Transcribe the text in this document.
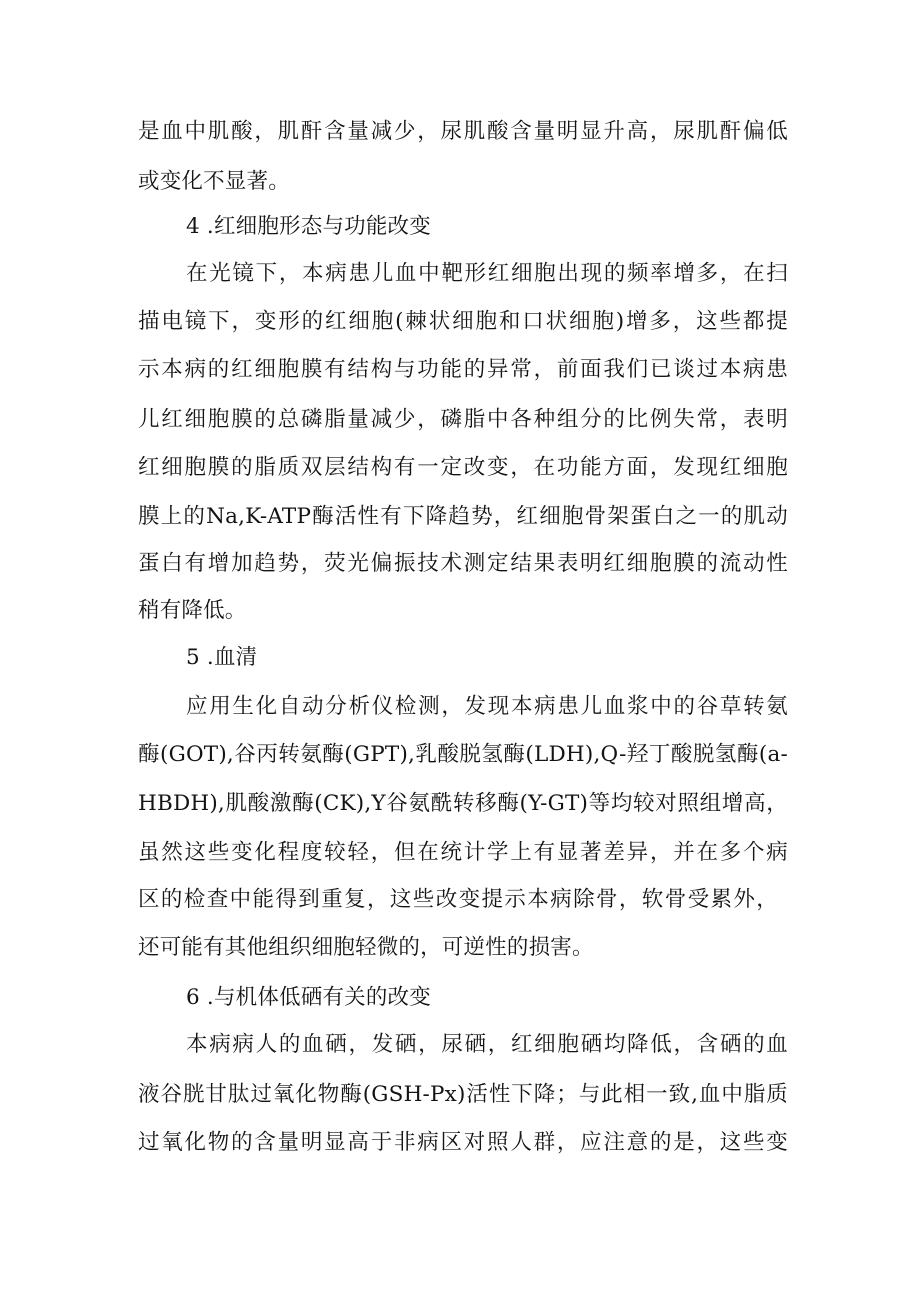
是血中肌酸，肌酐含量减少，尿肌酸含量明显升高，尿肌酐偏低
或变化不显著。
4 .红细胞形态与功能改变
在光镜下，本病患儿血中靶形红细胞出现的频率增多，在扫
描电镜下，变形的红细胞(棘状细胞和口状细胞)增多，这些都提
示本病的红细胞膜有结构与功能的异常，前面我们已谈过本病患
儿红细胞膜的总磷脂量减少，磷脂中各种组分的比例失常，表明
红细胞膜的脂质双层结构有一定改变，在功能方面，发现红细胞
膜上的Na,K-ATP酶活性有下降趋势，红细胞骨架蛋白之一的肌动
蛋白有增加趋势，荧光偏振技术测定结果表明红细胞膜的流动性
稍有降低。
5 .血清
应用生化自动分析仪检测，发现本病患儿血浆中的谷草转氨
酶(GOT),谷丙转氨酶(GPT),乳酸脱氢酶(LDH),Q-羟丁酸脱氢酶(a-
HBDH),肌酸激酶(CK),Y谷氨酰转移酶(Y-GT)等均较对照组增高，
虽然这些变化程度较轻，但在统计学上有显著差异，并在多个病
区的检查中能得到重复，这些改变提示本病除骨，软骨受累外，
还可能有其他组织细胞轻微的，可逆性的损害。
6 .与机体低硒有关的改变
本病病人的血硒，发硒，尿硒，红细胞硒均降低，含硒的血
液谷胱甘肽过氧化物酶(GSH-Px)活性下降；与此相一致,血中脂质
过氧化物的含量明显高于非病区对照人群，应注意的是，这些变
